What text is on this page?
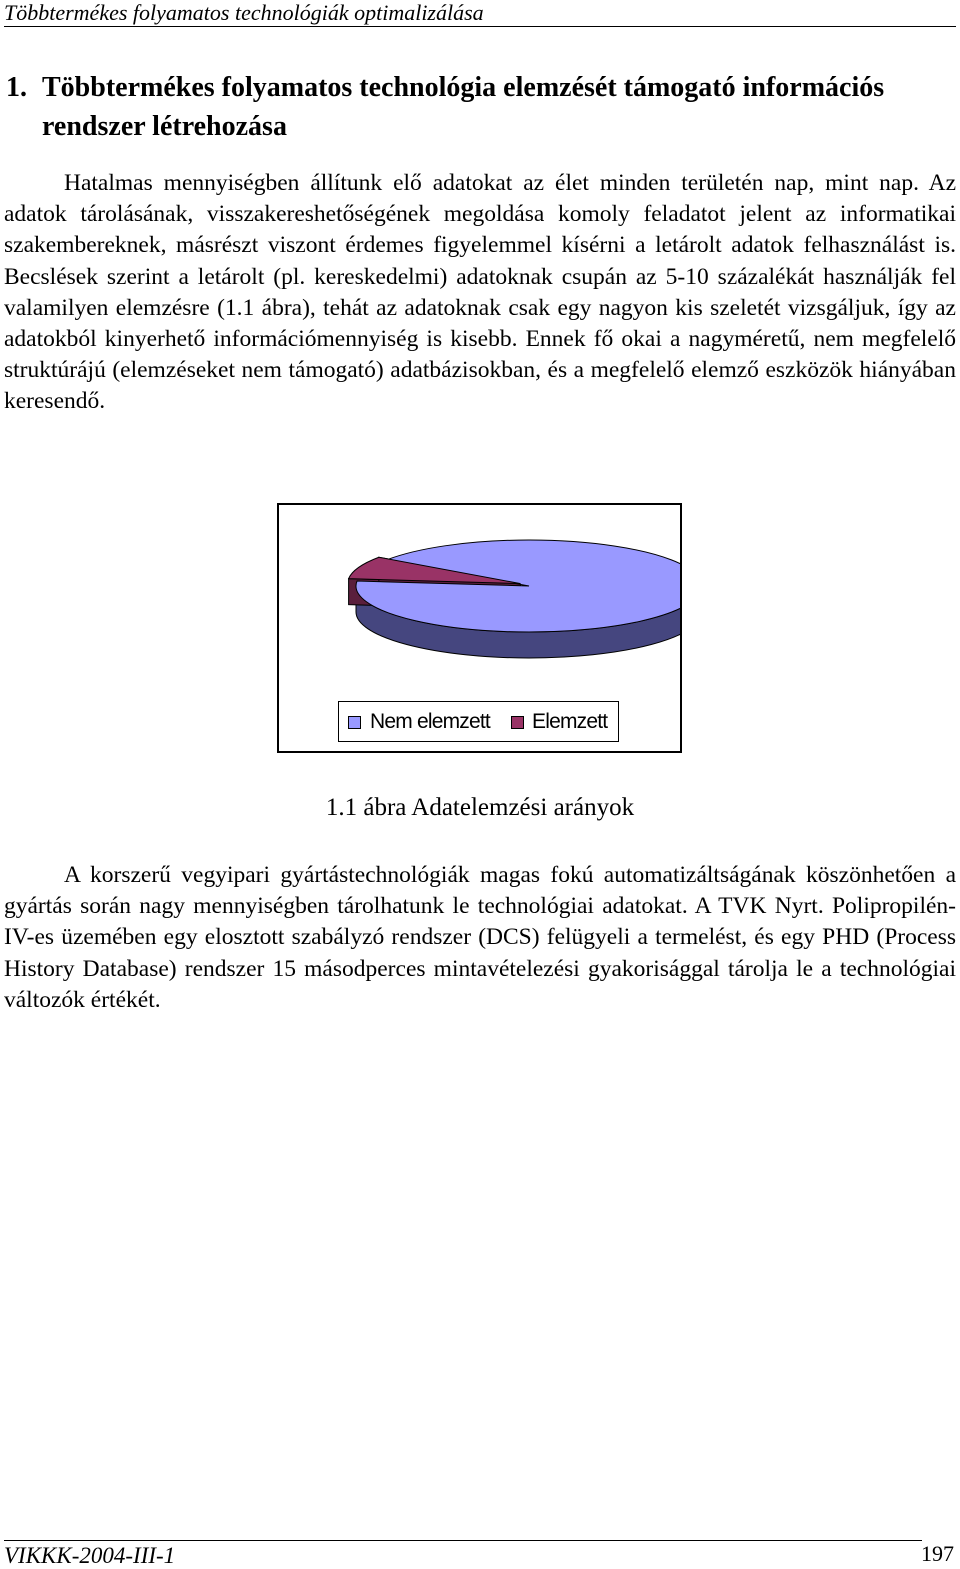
Többtermékes folyamatos technológiák optimalizálása
1. Többtermékes folyamatos technológia elemzését támogató információs rendszer létrehozása
Hatalmas mennyiségben állítunk elő adatokat az élet minden területén nap, mint nap. Az adatok tárolásának, visszakereshetőségének megoldása komoly feladatot jelent az informatikai szakembereknek, másrészt viszont érdemes figyelemmel kísérni a letárolt adatok felhasználást is. Becslések szerint a letárolt (pl. kereskedelmi) adatoknak csupán az 5-10 százalékát használják fel valamilyen elemzésre (1.1 ábra), tehát az adatoknak csak egy nagyon kis szeletét vizsgáljuk, így az adatokból kinyerhető információmennyiség is kisebb. Ennek fő okai a nagyméretű, nem megfelelő struktúrájú (elemzéseket nem támogató) adatbázisokban, és a megfelelő elemző eszközök hiányában keresendő.
Nem elemzett Elemzett
1.1 ábra Adatelemzési arányok
A korszerű vegyipari gyártástechnológiák magas fokú automatizáltságának köszönhetően a gyártás során nagy mennyiségben tárolhatunk le technológiai adatokat. A TVK Nyrt. Polipropilén-IV-es üzemében egy elosztott szabályzó rendszer (DCS) felügyeli a termelést, és egy PHD (Process History Database) rendszer 15 másodperces mintavételezési gyakorisággal tárolja le a technológiai változók értékét.
VIKKK-2004-III-1	197
